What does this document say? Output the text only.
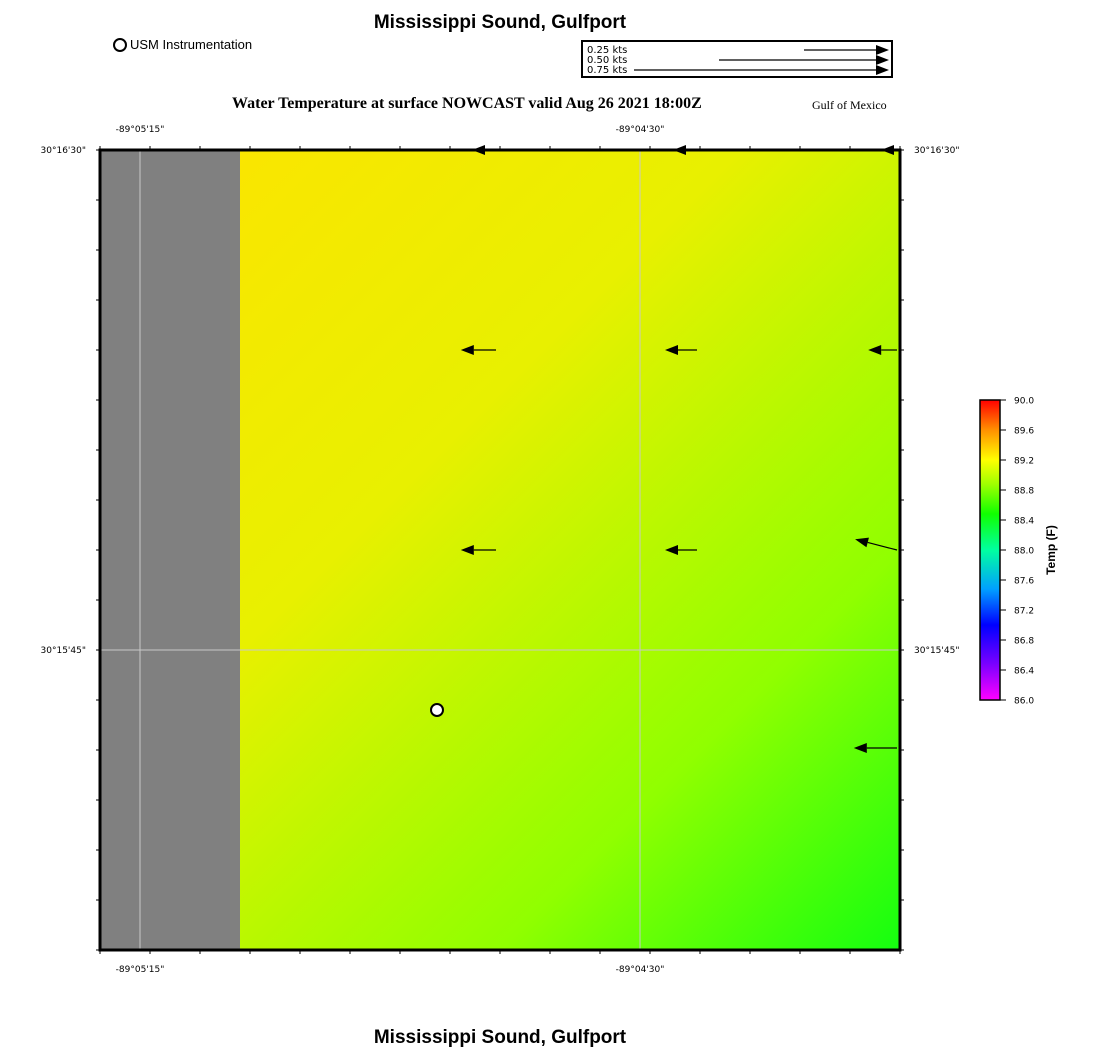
Mississippi Sound, Gulfport
USM Instrumentation	0.25 kts
0.50 kts
0.75 kts
Water Temperature at surface NOWCAST valid Aug 26 2021 18:00Z	Gulf of Mexico
-89°05'15"	-89°04'30"
-89°05'15"	-89°04'30"
30°16'30"
30°15'45"
30°16'30"
30°15'45"
90.0
89.6
89.2
88.8
88.4
88.0
87.6
87.2
86.8
86.4
86.0
Temp (F)
Mississippi Sound, Gulfport
